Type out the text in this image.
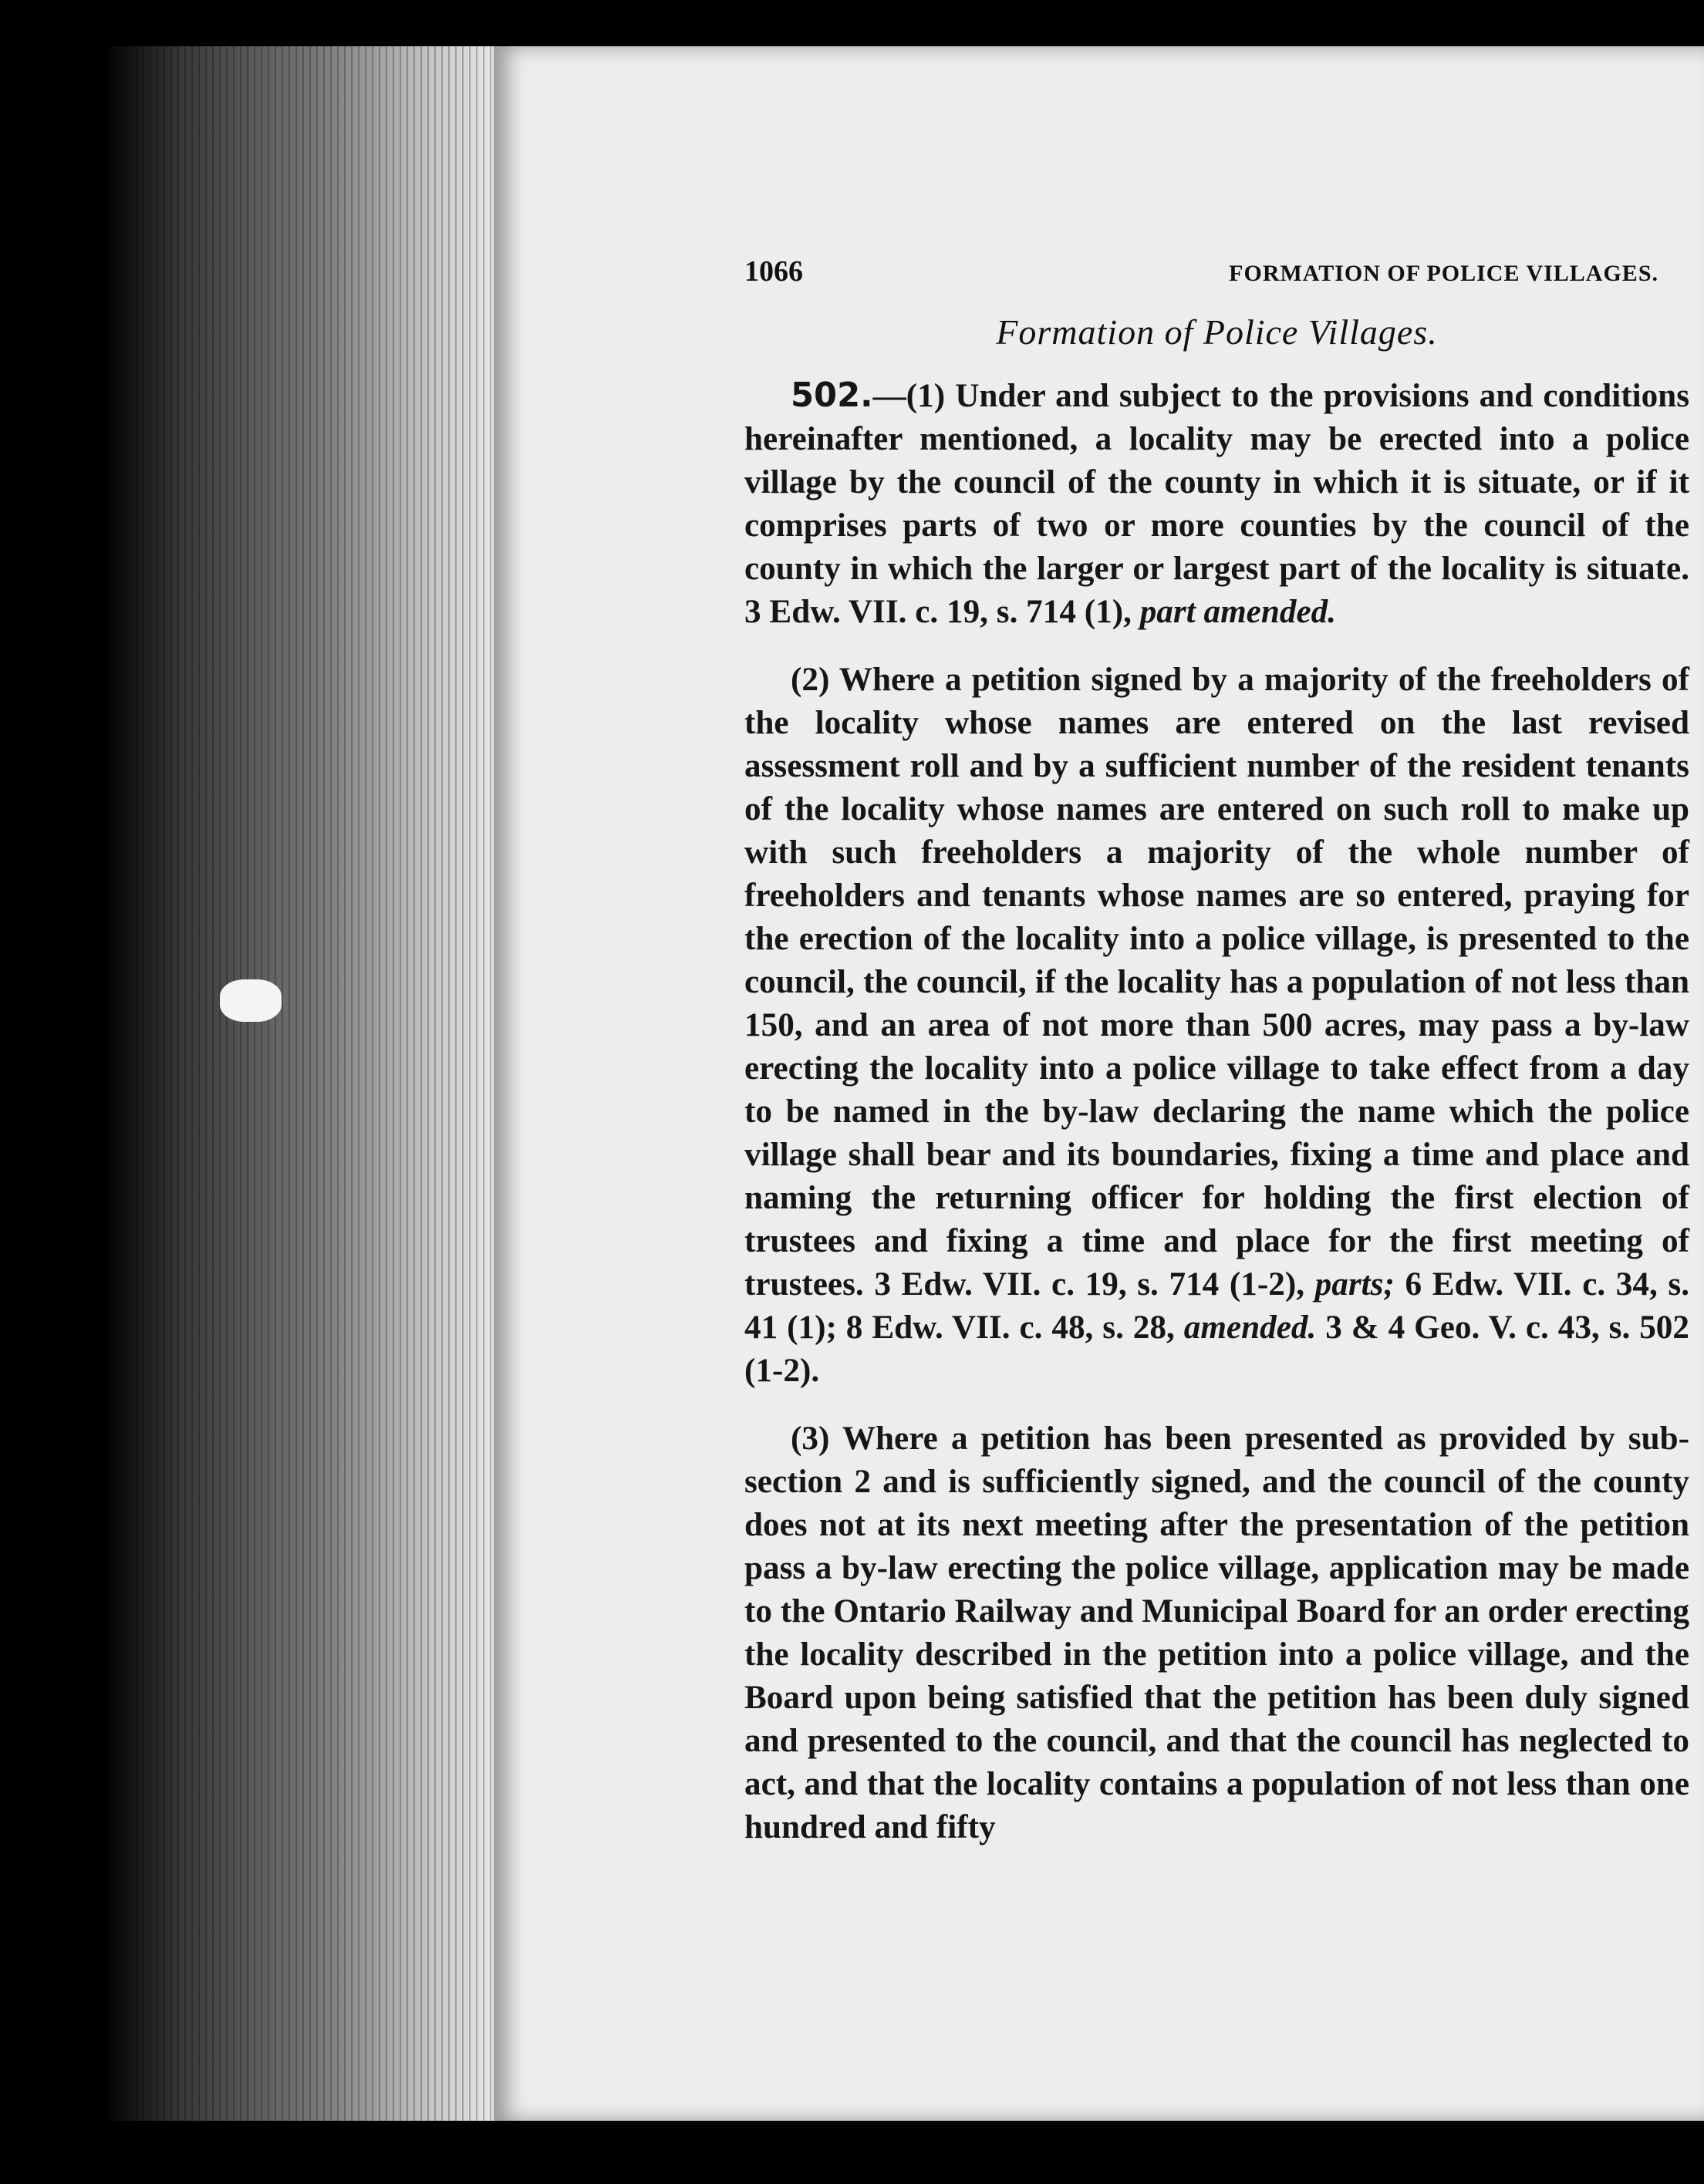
1066	FORMATION OF POLICE VILLAGES.
Formation of Police Villages.

502.—(1) Under and subject to the provisions and conditions hereinafter mentioned, a locality may be erected into a police village by the council of the county in which it is situate, or if it comprises parts of two or more counties by the council of the county in which the larger or largest part of the locality is situate. 3 Edw. VII. c. 19, s. 714 (1), part amended.

(2) Where a petition signed by a majority of the freeholders of the locality whose names are entered on the last revised assessment roll and by a sufficient number of the resident tenants of the locality whose names are entered on such roll to make up with such freeholders a majority of the whole number of freeholders and tenants whose names are so entered, praying for the erection of the locality into a police village, is presented to the council, the council, if the locality has a population of not less than 150, and an area of not more than 500 acres, may pass a by-law erecting the locality into a police village to take effect from a day to be named in the by-law declaring the name which the police village shall bear and its boundaries, fixing a time and place and naming the returning officer for holding the first election of trustees and fixing a time and place for the first meeting of trustees. 3 Edw. VII. c. 19, s. 714 (1-2), parts; 6 Edw. VII. c. 34, s. 41 (1); 8 Edw. VII. c. 48, s. 28, amended. 3 & 4 Geo. V. c. 43, s. 502 (1-2).

(3) Where a petition has been presented as provided by sub-section 2 and is sufficiently signed, and the council of the county does not at its next meeting after the presentation of the petition pass a by-law erecting the police village, application may be made to the Ontario Railway and Municipal Board for an order erecting the locality described in the petition into a police village, and the Board upon being satisfied that the petition has been duly signed and presented to the council, and that the council has neglected to act, and that the locality contains a population of not less than one hundred and fifty
